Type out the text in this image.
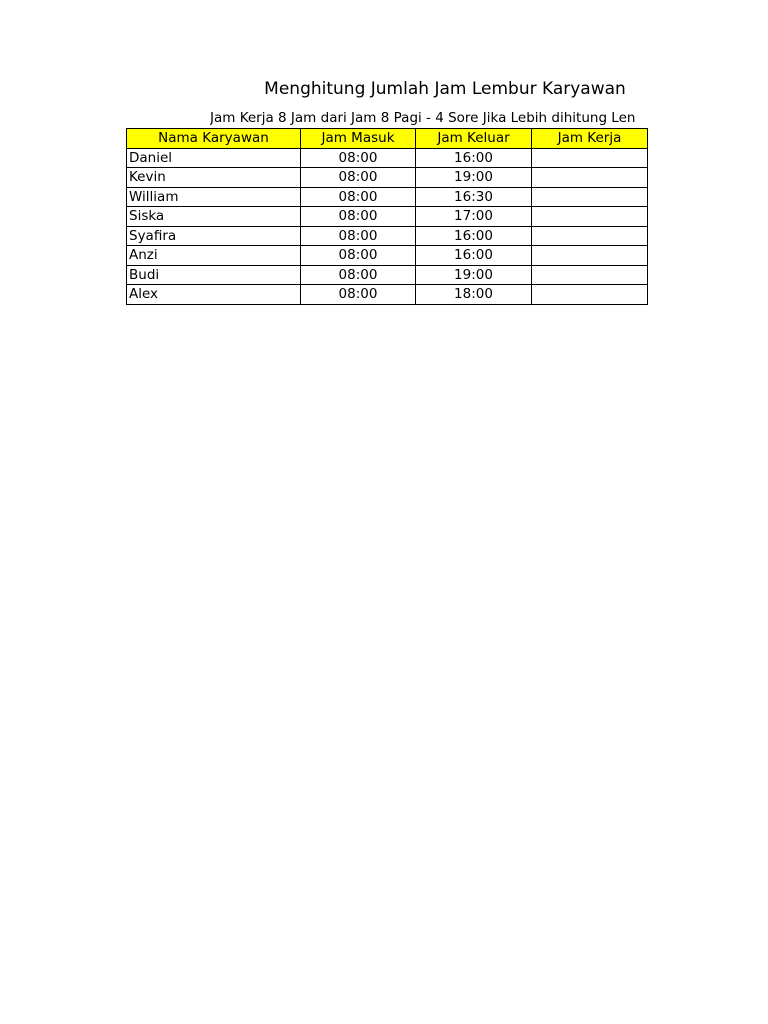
Menghitung Jumlah Jam Lembur Karyawan
Jam Kerja 8 Jam dari Jam 8 Pagi - 4 Sore Jika Lebih dihitung Len
Nama Karyawan	Jam Masuk	Jam Keluar	Jam Kerja
Daniel	08:00	16:00	
Kevin	08:00	19:00	
William	08:00	16:30	
Siska	08:00	17:00	
Syafira	08:00	16:00	
Anzi	08:00	16:00	
Budi	08:00	19:00	
Alex	08:00	18:00	
